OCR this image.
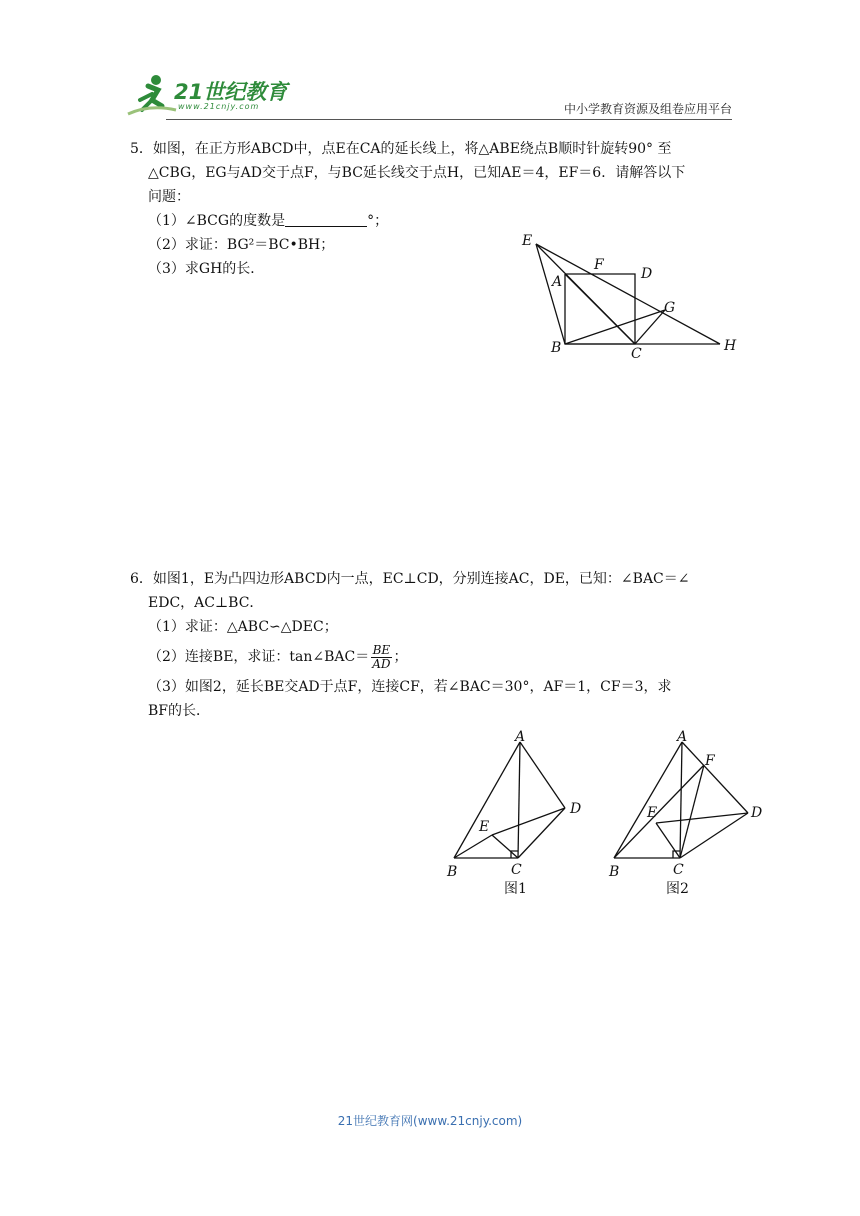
21世纪教育
www.21cnjy.com	中小学教育资源及组卷应用平台
5．如图，在正方形ABCD中，点E在CA的延长线上，将△ABE绕点B顺时针旋转90° 至
△CBG，EG与AD交于点F，与BC延长线交于点H，已知AE＝4，EF＝6．请解答以下
问题：
（1）∠BCG的度数是	°；
（2）求证：BG²＝BC•BH；
（3）求GH的长．
E
F
D
A
G
B	C	H
6．如图1，E为凸四边形ABCD内一点，EC⊥CD，分别连接AC，DE，已知：∠BAC＝∠
EDC，AC⊥BC．
（1）求证：△ABC∽△DEC；
（2）连接BE，求证：tan∠BAC＝ $\frac{BE}{AD}$ ；
（3）如图2，延长BE交AD于点F，连接CF，若∠BAC＝30°，AF＝1，CF＝3，求
BF的长．
A
E
D
B	C
图1
A
F
E	D
B	C
图2
21世纪教育网(www.21cnjy.com)
